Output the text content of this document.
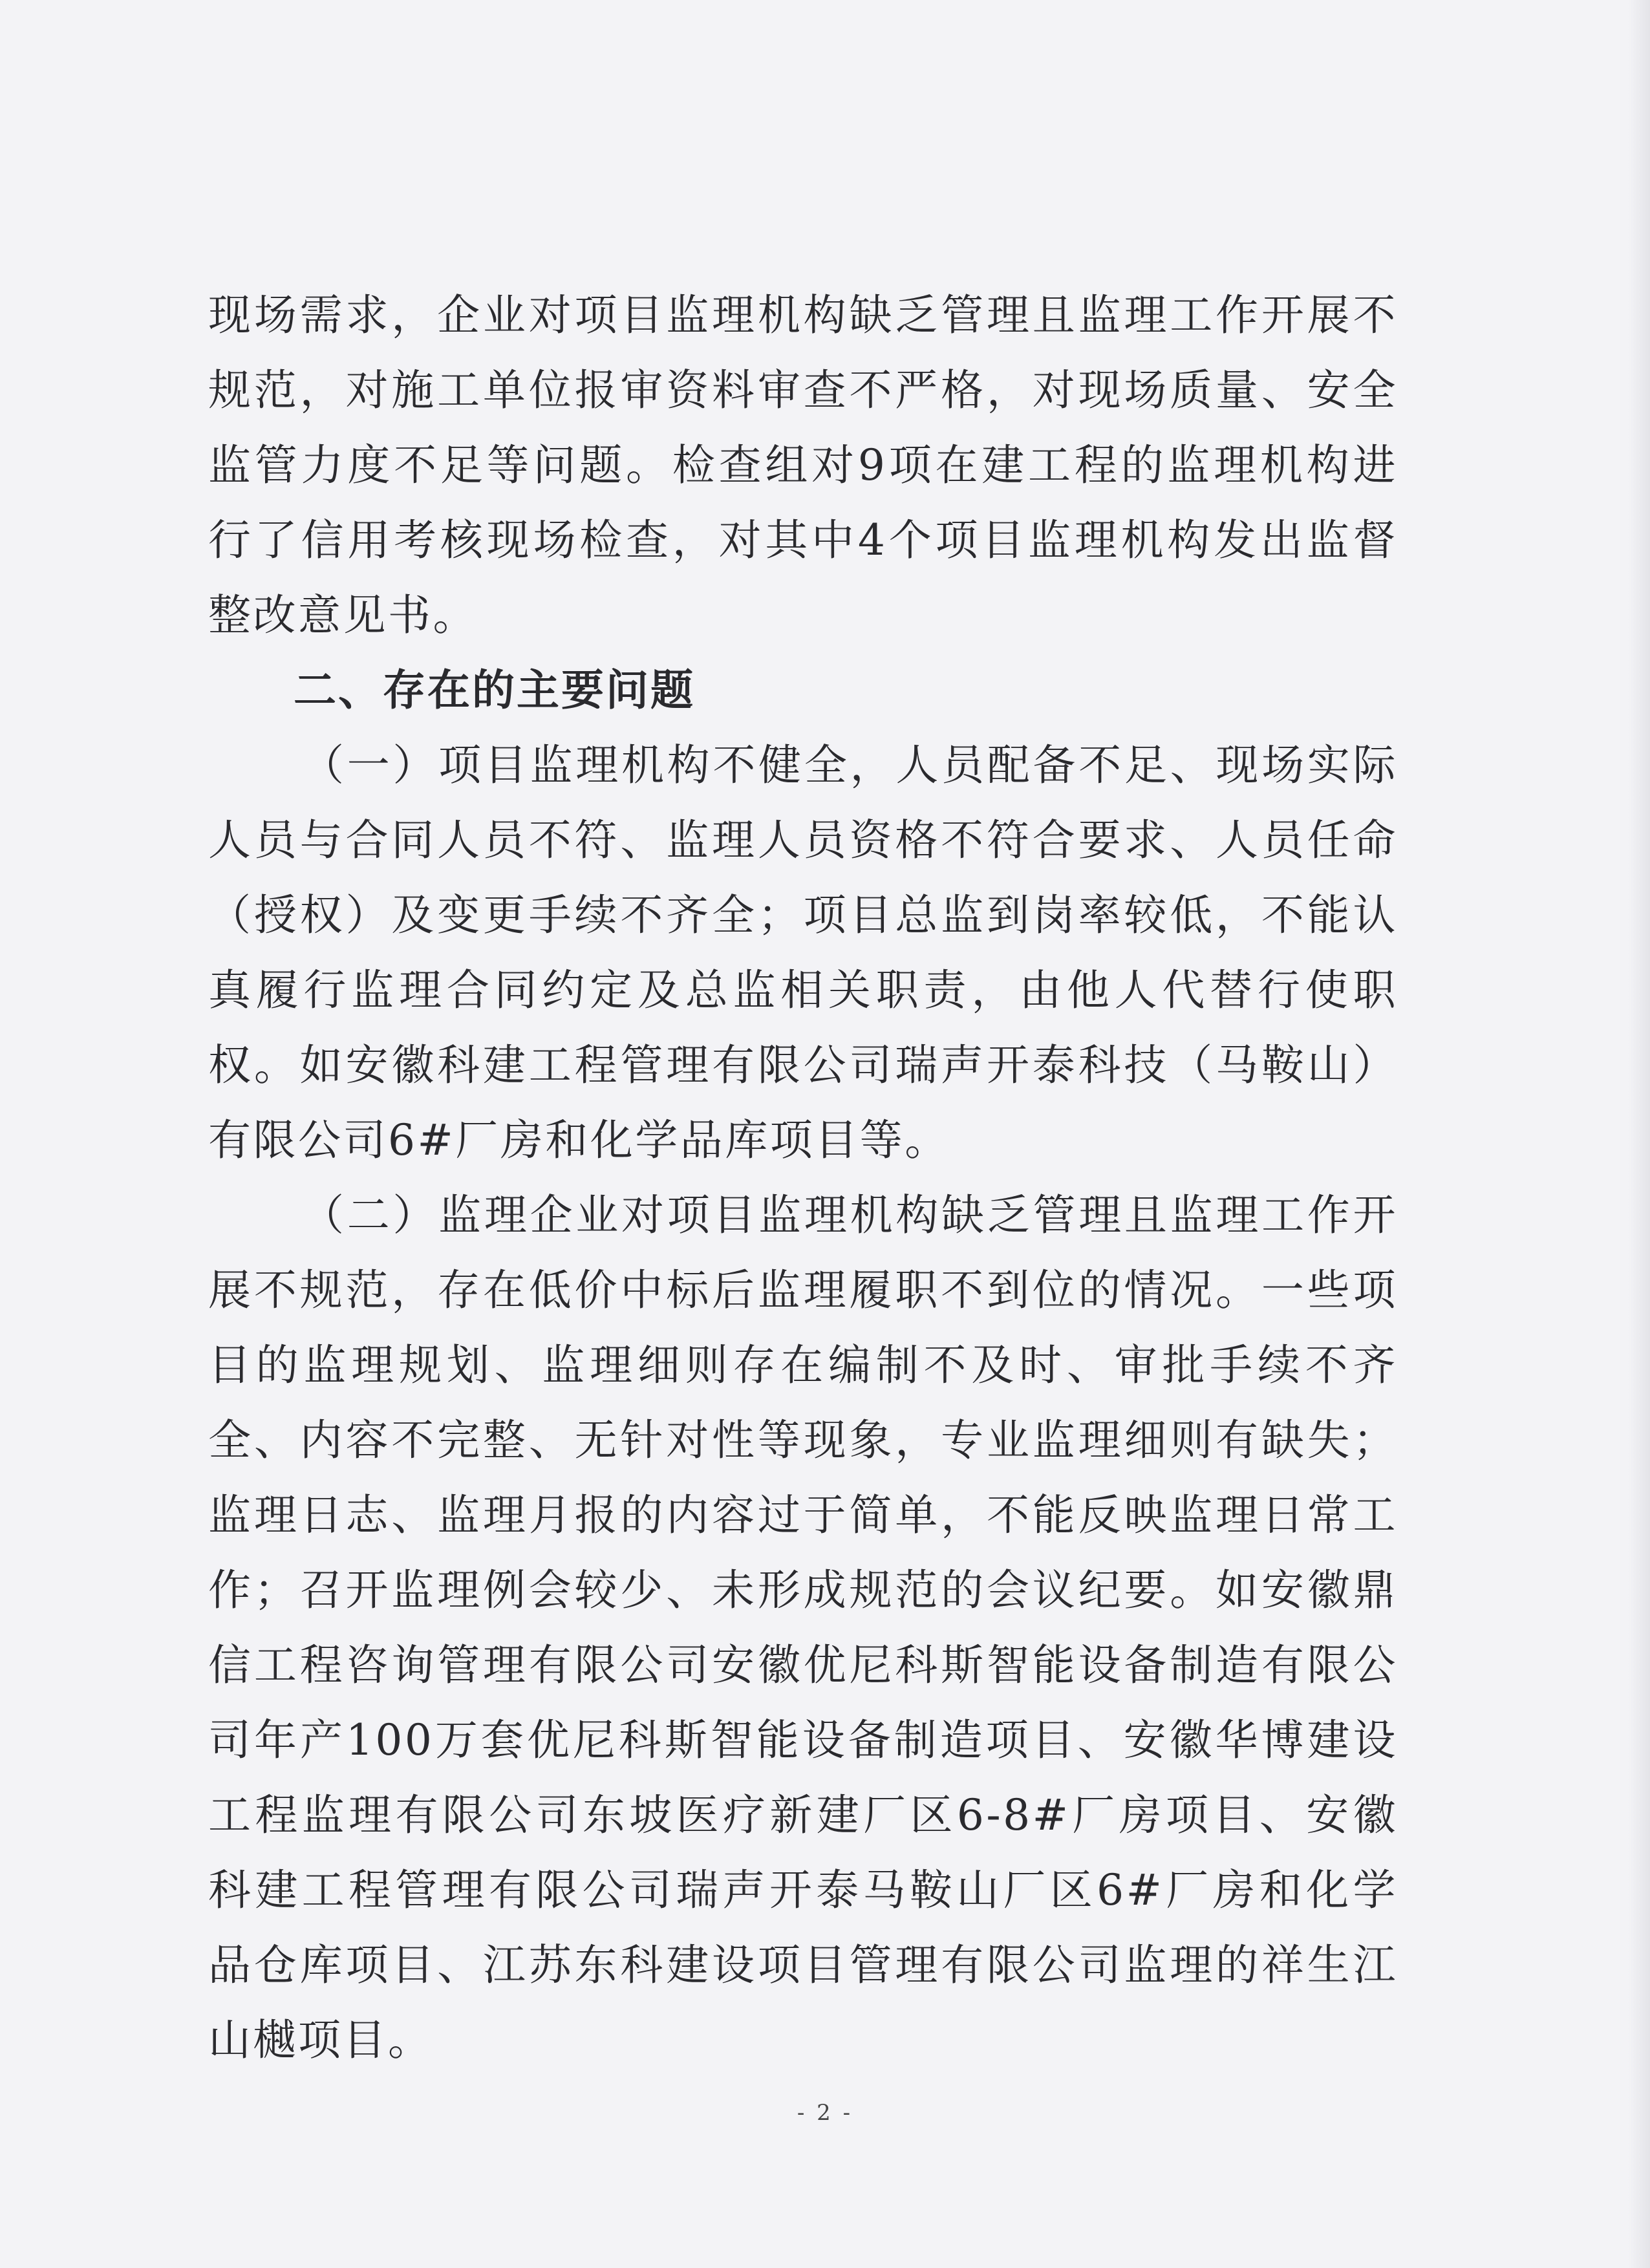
现场需求，企业对项目监理机构缺乏管理且监理工作开展不规范，对施工单位报审资料审查不严格，对现场质量、安全监管力度不足等问题。检查组对9项在建工程的监理机构进行了信用考核现场检查，对其中4个项目监理机构发出监督整改意见书。

二、存在的主要问题

（一）项目监理机构不健全，人员配备不足、现场实际人员与合同人员不符、监理人员资格不符合要求、人员任命（授权）及变更手续不齐全；项目总监到岗率较低，不能认真履行监理合同约定及总监相关职责，由他人代替行使职权。如安徽科建工程管理有限公司瑞声开泰科技（马鞍山）有限公司6#厂房和化学品库项目等。

（二）监理企业对项目监理机构缺乏管理且监理工作开展不规范，存在低价中标后监理履职不到位的情况。一些项目的监理规划、监理细则存在编制不及时、审批手续不齐全、内容不完整、无针对性等现象，专业监理细则有缺失；监理日志、监理月报的内容过于简单，不能反映监理日常工作；召开监理例会较少、未形成规范的会议纪要。如安徽鼎信工程咨询管理有限公司安徽优尼科斯智能设备制造有限公司年产100万套优尼科斯智能设备制造项目、安徽华博建设工程监理有限公司东坡医疗新建厂区6-8#厂房项目、安徽科建工程管理有限公司瑞声开泰马鞍山厂区6#厂房和化学品仓库项目、江苏东科建设项目管理有限公司监理的祥生江山樾项目。

- 2 -
